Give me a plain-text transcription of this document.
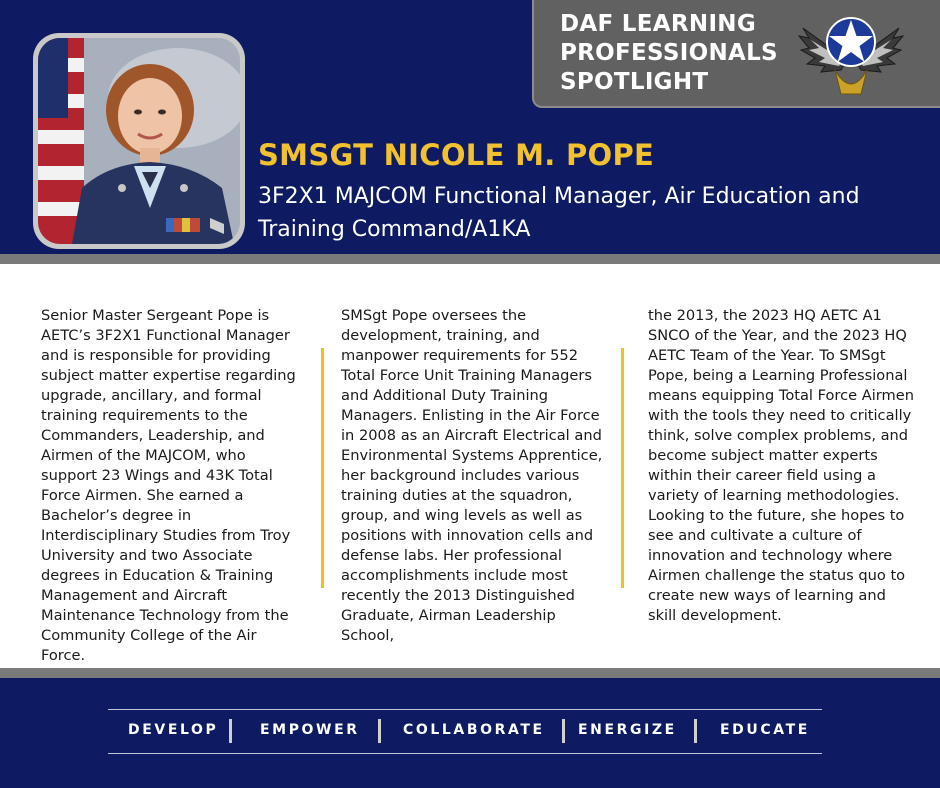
DAF LEARNING
PROFESSIONALS
SPOTLIGHT
SMSGT NICOLE M. POPE
3F2X1 MAJCOM Functional Manager, Air Education and Training Command/A1KA
Senior Master Sergeant Pope is AETC’s 3F2X1 Functional Manager and is responsible for providing subject matter expertise regarding upgrade, ancillary, and formal training requirements to the Commanders, Leadership, and Airmen of the MAJCOM, who support 23 Wings and 43K Total Force Airmen. She earned a Bachelor’s degree in Interdisciplinary Studies from Troy University and two Associate degrees in Education & Training Management and Aircraft Maintenance Technology from the Community College of the Air Force.
SMSgt Pope oversees the development, training, and manpower requirements for 552 Total Force Unit Training Managers and Additional Duty Training Managers. Enlisting in the Air Force in 2008 as an Aircraft Electrical and Environmental Systems Apprentice, her background includes various training duties at the squadron, group, and wing levels as well as positions with innovation cells and defense labs. Her professional accomplishments include most recently the 2013 Distinguished Graduate, Airman Leadership School,
the 2013, the 2023 HQ AETC A1 SNCO of the Year, and the 2023 HQ AETC Team of the Year. To SMSgt Pope, being a Learning Professional means equipping Total Force Airmen with the tools they need to critically think, solve complex problems, and become subject matter experts within their career field using a variety of learning methodologies. Looking to the future, she hopes to see and cultivate a culture of innovation and technology where Airmen challenge the status quo to create new ways of learning and skill development.
DEVELOP	EMPOWER	COLLABORATE ENERGIZE	EDUCATE
